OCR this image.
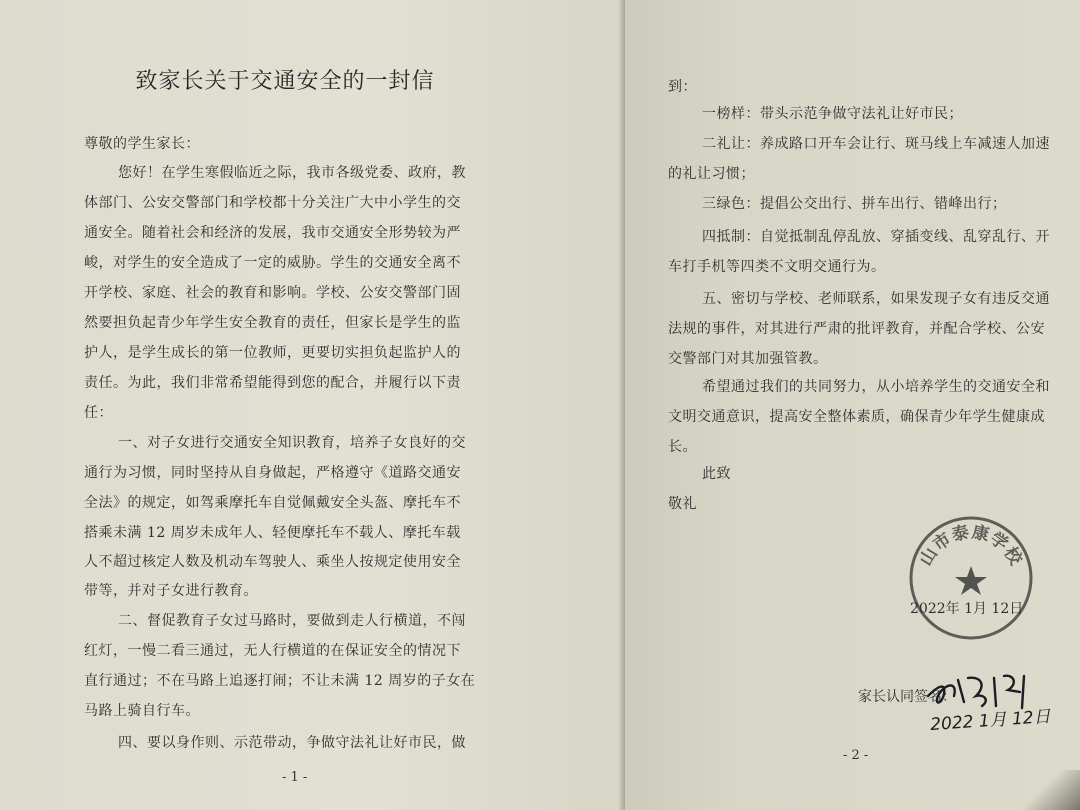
致家长关于交通安全的一封信
尊敬的学生家长：
您好！在学生寒假临近之际，我市各级党委、政府，教
体部门、公安交警部门和学校都十分关注广大中小学生的交
通安全。随着社会和经济的发展，我市交通安全形势较为严
峻，对学生的安全造成了一定的威胁。学生的交通安全离不
开学校、家庭、社会的教育和影响。学校、公安交警部门固
然要担负起青少年学生安全教育的责任，但家长是学生的监
护人，是学生成长的第一位教师，更要切实担负起监护人的
责任。为此，我们非常希望能得到您的配合，并履行以下责
任：
一、对子女进行交通安全知识教育，培养子女良好的交
通行为习惯，同时坚持从自身做起，严格遵守《道路交通安
全法》的规定，如驾乘摩托车自觉佩戴安全头盔、摩托车不
搭乘未满 12 周岁未成年人、轻便摩托车不载人、摩托车载
人不超过核定人数及机动车驾驶人、乘坐人按规定使用安全
带等，并对子女进行教育。
二、督促教育子女过马路时，要做到走人行横道，不闯
红灯，一慢二看三通过，无人行横道的在保证安全的情况下
直行通过；不在马路上追逐打闹；不让未满 12 周岁的子女在
马路上骑自行车。
四、要以身作则、示范带动，争做守法礼让好市民，做
- 1 -
到：
一榜样：带头示范争做守法礼让好市民；
二礼让：养成路口开车会让行、斑马线上车减速人加速
的礼让习惯；
三绿色：提倡公交出行、拼车出行、错峰出行；
四抵制：自觉抵制乱停乱放、穿插变线、乱穿乱行、开
车打手机等四类不文明交通行为。
五、密切与学校、老师联系，如果发现子女有违反交通
法规的事件，对其进行严肃的批评教育，并配合学校、公安
交警部门对其加强管教。
希望通过我们的共同努力，从小培养学生的交通安全和
文明交通意识，提高安全整体素质，确保青少年学生健康成
长。
此致
敬礼
- 2 -
山市泰康学校
2022年 1月 12日
家长认同签名：
2022 1月 12日
